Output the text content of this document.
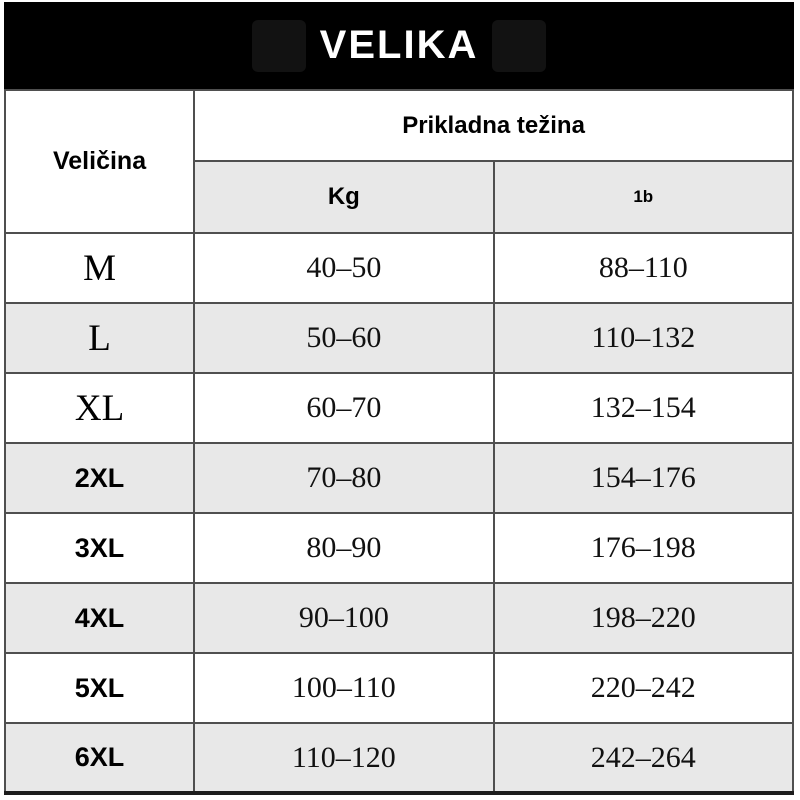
VELIKA
Veličina	Prikladna težina	
	Kg	1b
M	40–50	88–110
L	50–60	110–132
XL	60–70	132–154
2XL	70–80	154–176
3XL	80–90	176–198
4XL	90–100	198–220
5XL	100–110	220–242
6XL	110–120	242–264
